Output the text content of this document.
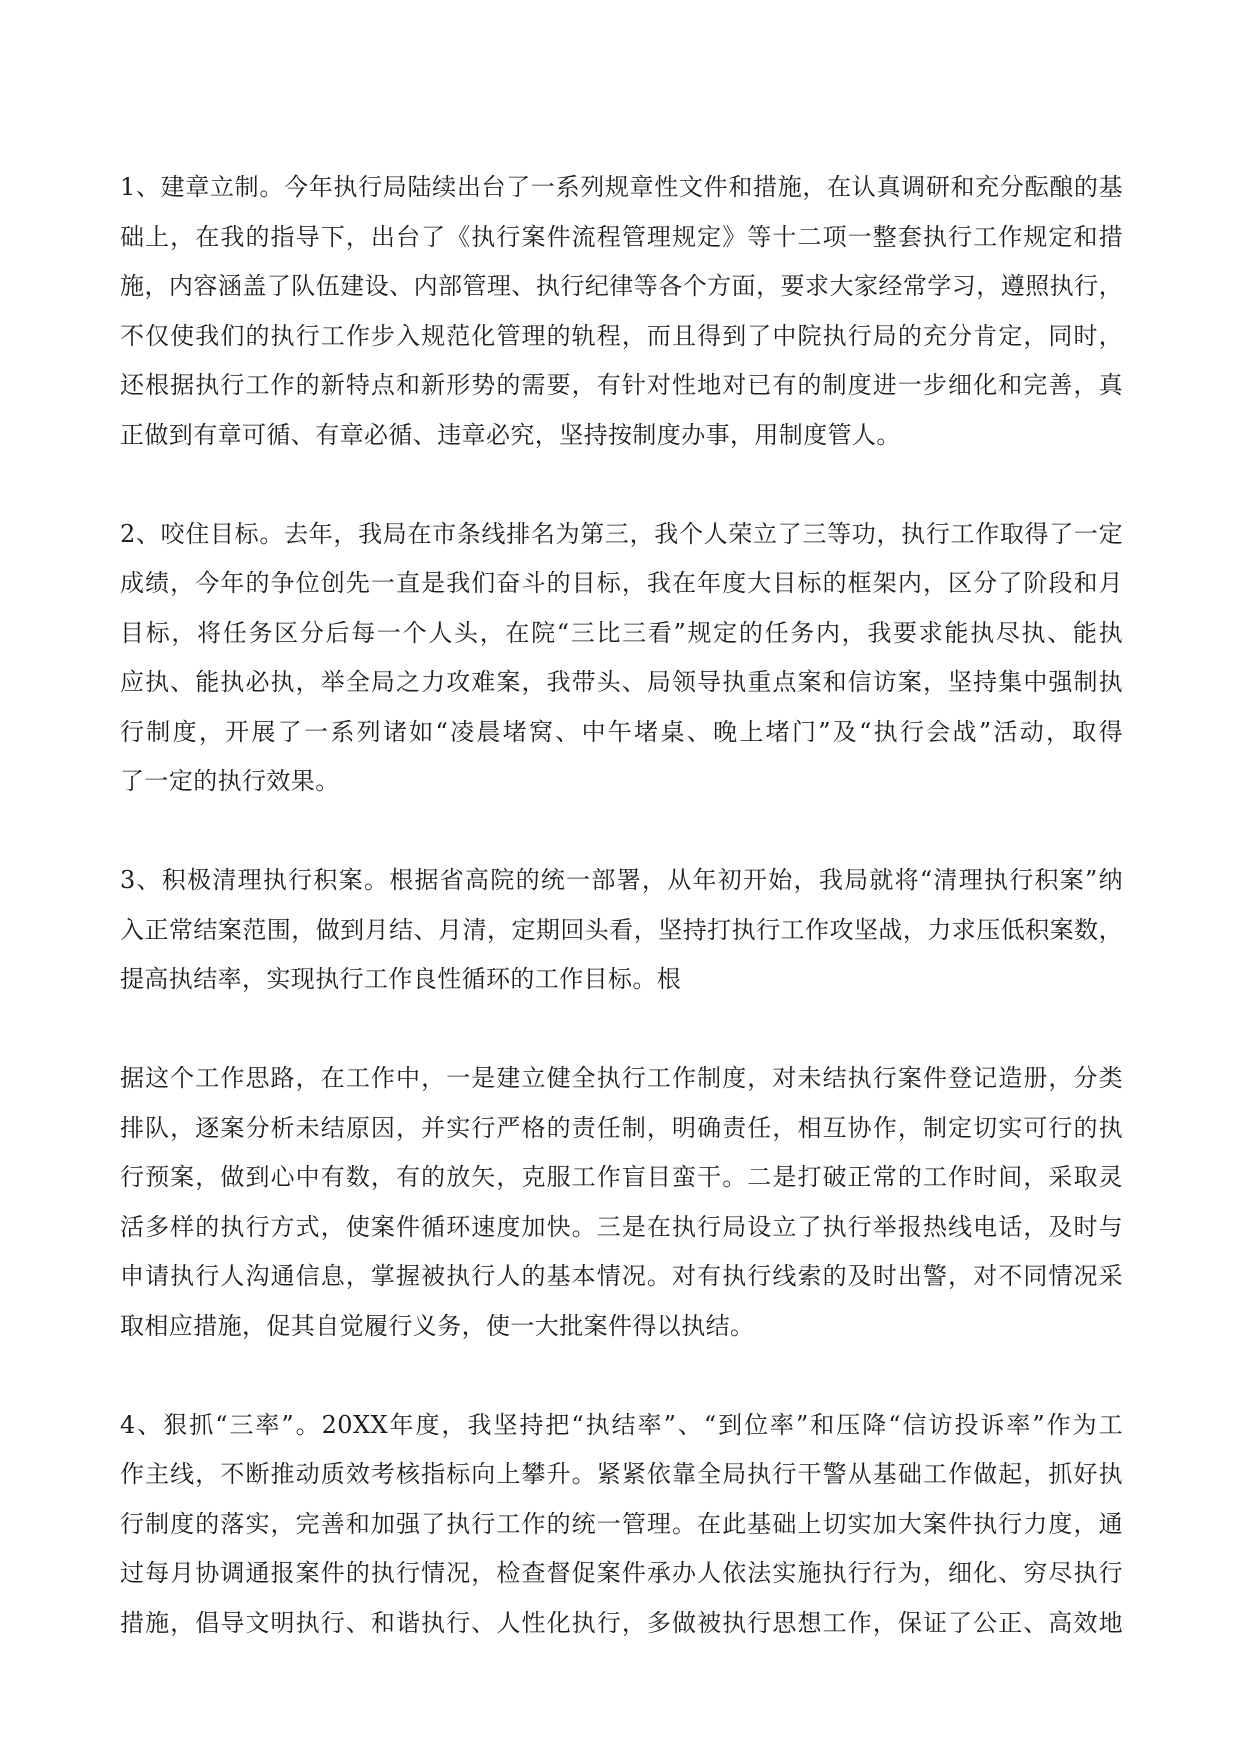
1、建章立制。今年执行局陆续出台了一系列规章性文件和措施，在认真调研和充分酝酿的基
础上，在我的指导下，出台了《执行案件流程管理规定》等十二项一整套执行工作规定和措
施，内容涵盖了队伍建设、内部管理、执行纪律等各个方面，要求大家经常学习，遵照执行，
不仅使我们的执行工作步入规范化管理的轨程，而且得到了中院执行局的充分肯定，同时，
还根据执行工作的新特点和新形势的需要，有针对性地对已有的制度进一步细化和完善，真
正做到有章可循、有章必循、违章必究，坚持按制度办事，用制度管人。
2、咬住目标。去年，我局在市条线排名为第三，我个人荣立了三等功，执行工作取得了一定
成绩，今年的争位创先一直是我们奋斗的目标，我在年度大目标的框架内，区分了阶段和月
目标，将任务区分后每一个人头，在院“三比三看”规定的任务内，我要求能执尽执、能执
应执、能执必执，举全局之力攻难案，我带头、局领导执重点案和信访案，坚持集中强制执
行制度，开展了一系列诸如“凌晨堵窝、中午堵桌、晚上堵门”及“执行会战”活动，取得
了一定的执行效果。
3、积极清理执行积案。根据省高院的统一部署，从年初开始，我局就将“清理执行积案”纳
入正常结案范围，做到月结、月清，定期回头看，坚持打执行工作攻坚战，力求压低积案数，
提高执结率，实现执行工作良性循环的工作目标。根
据这个工作思路，在工作中，一是建立健全执行工作制度，对未结执行案件登记造册，分类
排队，逐案分析未结原因，并实行严格的责任制，明确责任，相互协作，制定切实可行的执
行预案，做到心中有数，有的放矢，克服工作盲目蛮干。二是打破正常的工作时间，采取灵
活多样的执行方式，使案件循环速度加快。三是在执行局设立了执行举报热线电话，及时与
申请执行人沟通信息，掌握被执行人的基本情况。对有执行线索的及时出警，对不同情况采
取相应措施，促其自觉履行义务，使一大批案件得以执结。
4、狠抓“三率”。20XX年度，我坚持把“执结率”、“到位率”和压降“信访投诉率”作为工
作主线，不断推动质效考核指标向上攀升。紧紧依靠全局执行干警从基础工作做起，抓好执
行制度的落实，完善和加强了执行工作的统一管理。在此基础上切实加大案件执行力度，通
过每月协调通报案件的执行情况，检查督促案件承办人依法实施执行行为，细化、穷尽执行
措施，倡导文明执行、和谐执行、人性化执行，多做被执行思想工作，保证了公正、高效地
